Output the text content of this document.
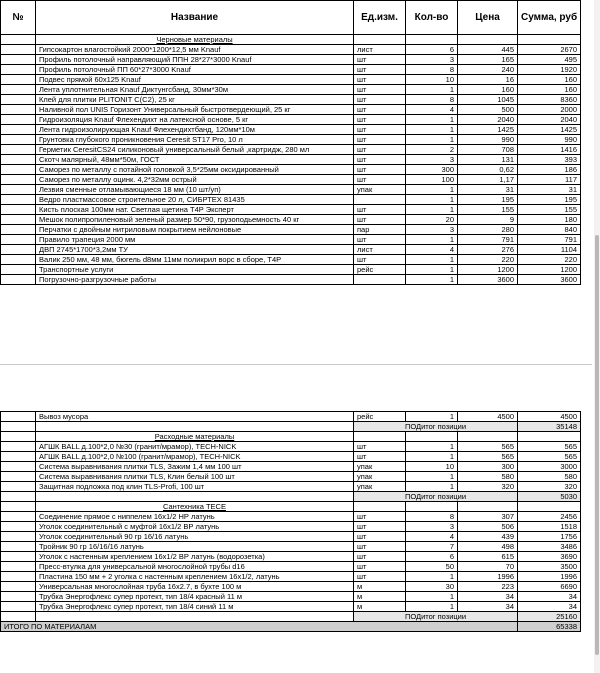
№	Название	Ед.изм.	Кол-во	Цена	Сумма, руб
	Черновые материалы				
	Гипсокартон влагостойкий 2000*1200*12,5 мм Knauf	лист	6	445	2670
	Профиль потолочный направляющий ППН 28*27*3000 Knauf	шт	3	165	495
	Профиль потолочный ПП 60*27*3000 Knauf	шт	8	240	1920
	Подвес прямой 60х125 Knauf	шт	10	16	160
	Лента уплотнительная Knauf Диктунгсбанд, 30мм*30м	шт	1	160	160
	Клей для плитки PLITONIT C(C2), 25 кг	шт	8	1045	8360
	Наливной пол UNIS Горизонт Универсальный быстротвердеющий, 25 кг	шт	4	500	2000
	Гидроизоляция Knauf Флехендихт на латексной основе, 5 кг	шт	1	2040	2040
	Лента гидроизолирующая Knauf Флехендихтбанд, 120мм*10м	шт	1	1425	1425
	Грунтовка глубокого проникновения Ceresit ST17 Pro, 10 л	шт	1	990	990
	Герметик CeresitCS24 силиконовый универсальный белый ,картридж, 280 мл	шт	2	708	1416
	Скотч малярный, 48мм*50м, ГОСТ	шт	3	131	393
	Саморез по металлу с потайной головкой 3,5*25мм оксидированный	шт	300	0,62	186
	Саморез по металлу оцинк. 4,2*32мм острый	шт	100	1,17	117
	Лезвия сменные отламывающиеся 18 мм (10 шт/уп)	упак	1	31	31
	Ведро пластмассовое строительное 20 л, СИБРТЕХ 81435		1	195	195
	Кисть плоская 100мм нат. Светлая щетина T4P Эксперт	шт	1	155	155
	Мешок полипропиленовый зеленый размер 50*90, грузоподьемность 40 кг	шт	20	9	180
	Перчатки с двойным нитриловым покрытием нейлоновые	пар	3	280	840
	Правило трапеция 2000 мм	шт	1	791	791
	ДВП 2745*1700*3,2мм ТУ	лист	4	276	1104
	Валик 250 мм, 48 мм, бюгель d8мм 11мм поликрил ворс в сборе, T4P	шт	1	220	220
	Транспортные услуги	рейс	1	1200	1200
	Погрузочно-разгрузочные работы		1	3600	3600
	Вывоз мусора	рейс	1	4500	4500
		ПОДитог позиции			35148
	Расходные материалы				
	АГШК BALL д.100*2,0 №30 (гранит/мрамор), TECH-NICK	шт	1	565	565
	АГШК BALL д.100*2,0 №100 (гранит/мрамор), TECH-NICK	шт	1	565	565
	Система выравнивания плитки TLS, Зажим 1,4 мм 100 шт	упак	10	300	3000
	Система выравнивания плитки TLS, Клин белый 100 шт	упак	1	580	580
	Защитная подложка под клин TLS-Profi, 100 шт	упак	1	320	320
		ПОДитог позиции			5030
	Сантехника TECE				
	Соединение прямое с ниппелем 16x1/2 НР латунь	шт	8	307	2456
	Уголок соединительный с муфтой 16x1/2 ВР латунь	шт	3	506	1518
	Уголок соединительный 90 гр 16/16 латунь	шт	4	439	1756
	Тройник 90 гр 16/16/16 латунь	шт	7	498	3486
	Уголок с настенным креплением 16x1/2 ВР латунь (водорозетка)	шт	6	615	3690
	Пресс-втулка для универсальной многослойной трубы d16	шт	50	70	3500
	Пластина 150 мм + 2 уголка с настенным креплением 16x1/2, латунь	шт	1	1996	1996
	Универсальная многослойная труба 16x2.7, в бухте 100 м	м	30	223	6690
	Трубка Энергофлекс супер протект, тип 18/4 красный 11 м	м	1	34	34
	Трубка Энергофлекс супер протект, тип 18/4 синий 11 м	м	1	34	34
		ПОДитог позиции			25160
ИТОГО ПО МАТЕРИАЛАМ					65338
